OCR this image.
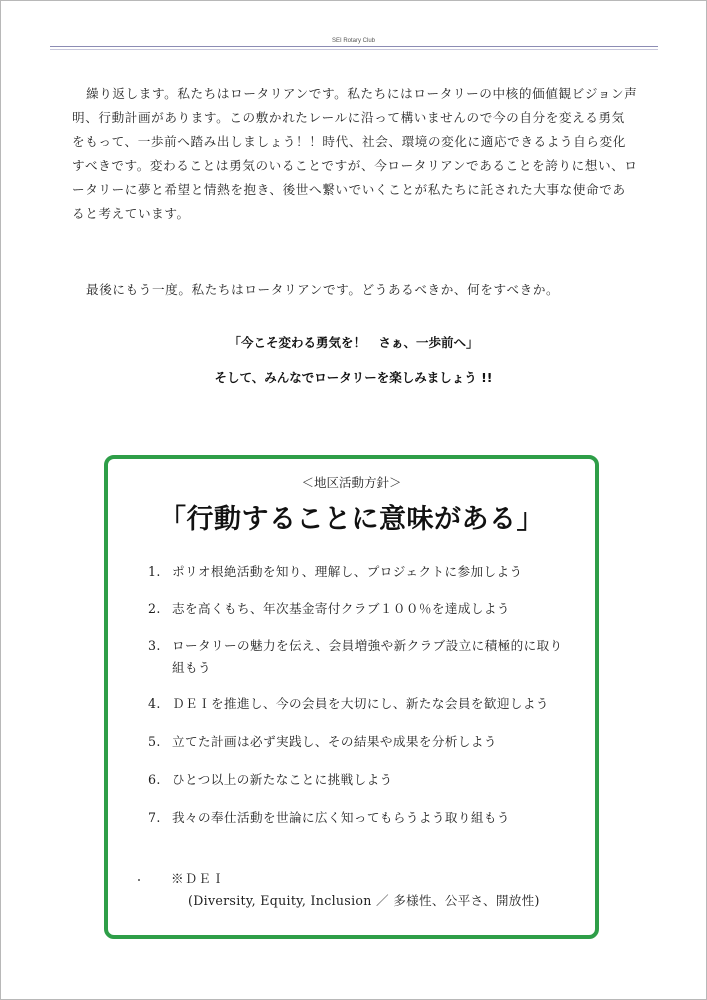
SEI Rotary Club

繰り返します。私たちはロータリアンです。私たちにはロータリーの中核的価値観ビジョン声明、行動計画があります。この敷かれたレールに沿って構いませんので今の自分を変える勇気をもって、一歩前へ踏み出しましょう！！時代、社会、環境の変化に適応できるよう自ら変化すべきです。変わることは勇気のいることですが、今ロータリアンであることを誇りに想い、ロータリーに夢と希望と情熱を抱き、後世へ繋いでいくことが私たちに託された大事な使命であると考えています。

最後にもう一度。私たちはロータリアンです。どうあるべきか、何をすべきか。

「今こそ変わる勇気を！　さぁ、一歩前へ」

そして、みんなでロータリーを楽しみましょう !!

＜地区活動方針＞
「行動することに意味がある」
1. ポリオ根絶活動を知り、理解し、プロジェクトに参加しよう
2. 志を高くもち、年次基金寄付クラブ１００％を達成しよう
3. ロータリーの魅力を伝え、会員増強や新クラブ設立に積極的に取り組もう
4. ＤＥＩを推進し、今の会員を大切にし、新たな会員を歓迎しよう
5. 立てた計画は必ず実践し、その結果や成果を分析しよう
6. ひとつ以上の新たなことに挑戦しよう
7. 我々の奉仕活動を世論に広く知ってもらうよう取り組もう
※ＤＥＩ
(Diversity, Equity, Inclusion ／ 多様性、公平さ、開放性)
